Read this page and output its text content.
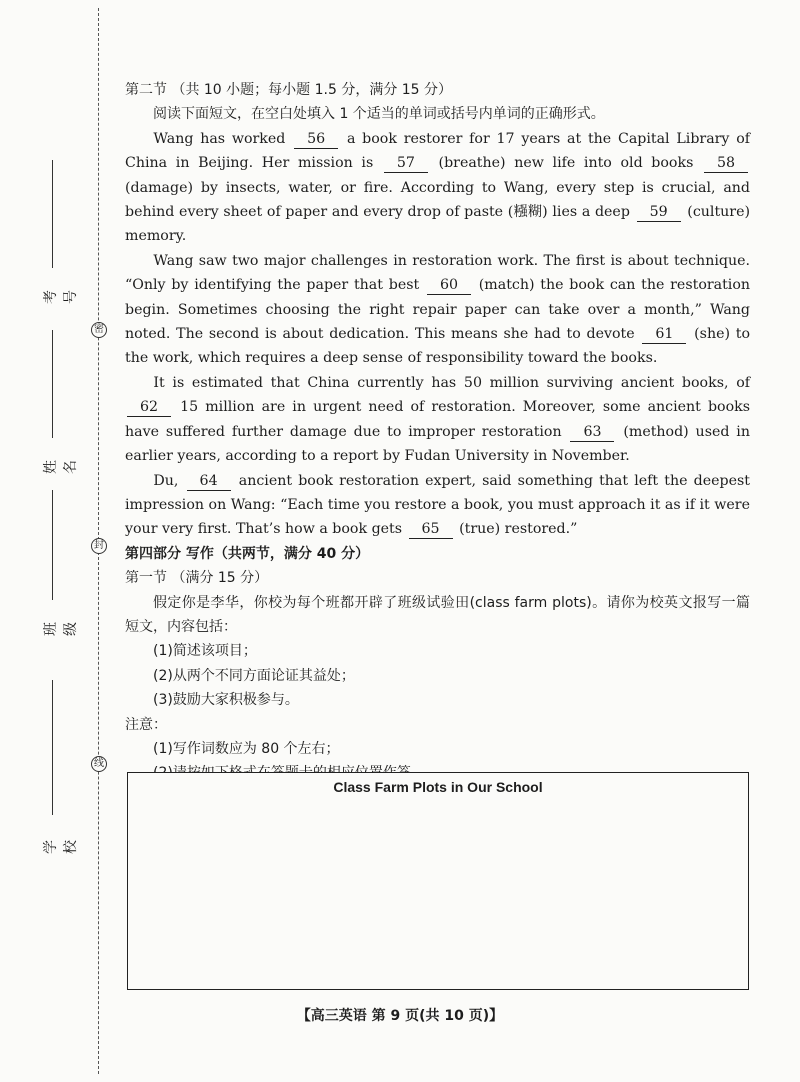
密
封
线
考号
姓名
班级
学校

第二节 （共 10 小题；每小题 1.5 分，满分 15 分）

阅读下面短文，在空白处填入 1 个适当的单词或括号内单词的正确形式。

Wang has worked 56 a book restorer for 17 years at the Capital Library of China in Beijing. Her mission is 57 (breathe) new life into old books 58 (damage) by insects, water, or fire. According to Wang, every step is crucial, and behind every sheet of paper and every drop of paste (糨糊) lies a deep 59 (culture) memory.

Wang saw two major challenges in restoration work. The first is about technique. “Only by identifying the paper that best 60 (match) the book can the restoration begin. Sometimes choosing the right repair paper can take over a month,” Wang noted. The second is about dedication. This means she had to devote 61 (she) to the work, which requires a deep sense of responsibility toward the books.

It is estimated that China currently has 50 million surviving ancient books, of 62 15 million are in urgent need of restoration. Moreover, some ancient books have suffered further damage due to improper restoration 63 (method) used in earlier years, according to a report by Fudan University in November.

Du, 64 ancient book restoration expert, said something that left the deepest impression on Wang: “Each time you restore a book, you must approach it as if it were your very first. That’s how a book gets 65 (true) restored.”

第四部分 写作（共两节，满分 40 分）

第一节 （满分 15 分）

假定你是李华，你校为每个班都开辟了班级试验田(class farm plots)。请你为校英文报写一篇短文，内容包括：

(1)简述该项目；

(2)从两个不同方面论证其益处；

(3)鼓励大家积极参与。

注意：

(1)写作词数应为 80 个左右；

Class Farm Plots in Our School
【高三英语 第 9 页(共 10 页)】
